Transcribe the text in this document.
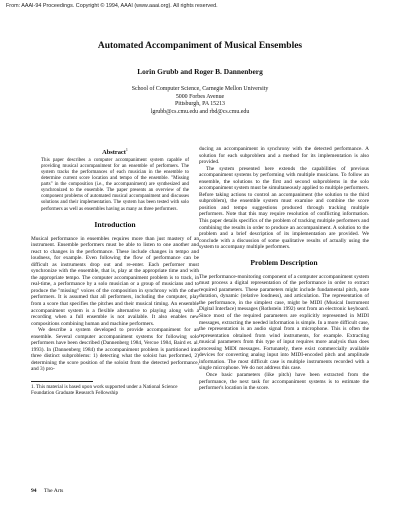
From: AAAI-94 Proceedings. Copyright © 1994, AAAI (www.aaai.org). All rights reserved.
Automated Accompaniment of Musical Ensembles
Lorin Grubb and Roger B. Dannenberg
School of Computer Science, Carnegie Mellon University
5000 Forbes Avenue
Pittsburgh, PA 15213
lgrubb@cs.cmu.edu and rbd@cs.cmu.edu
Abstract$^1$
This paper describes a computer accompaniment system capable of providing musical accompaniment for an ensemble of performers. The system tracks the performances of each musician in the ensemble to determine current score location and tempo of the ensemble. "Missing parts" in the composition (i.e., the accompaniment) are synthesized and synchronized to the ensemble. The paper presents an overview of the component problems of automated musical accompaniment and discusses solutions and their implementation. The system has been tested with solo performers as well as ensembles having as many as three performers.
Introduction

Musical performance in ensembles requires more than just mastery of an instrument. Ensemble performers must be able to listen to one another and react to changes in the performance. These include changes in tempo and loudness, for example. Even following the flow of performance can be difficult as instruments drop out and re-enter. Each performer must synchronize with the ensemble, that is, play at the appropriate time and with the appropriate tempo. The computer accompaniment problem is to track, in real-time, a performance by a solo musician or a group of musicians and to produce the "missing" voices of the composition in synchrony with the other performers. It is assumed that all performers, including the computer, play from a score that specifies the pitches and their musical timing. An ensemble accompaniment system is a flexible alternative to playing along with a recording when a full ensemble is not available. It also enables new compositions combining human and machine performers.

We describe a system developed to provide accompaniment for an ensemble. Several computer accompaniment systems for following solo performers have been described (Dannenberg 1984, Vercoe 1984, Baird et. al. 1993). In (Dannenberg 1984) the accompaniment problem is partitioned into three distinct subproblems: 1) detecting what the soloist has performed, 2) determining the score position of the soloist from the detected performance, and 3) pro-

1. This material is based upon work supported under a National Science Foundation Graduate Research Fellowship

ducing an accompaniment in synchrony with the detected performance. A solution for each subproblem and a method for its implementation is also provided.

The system presented here extends the capabilities of previous accompaniment systems by performing with multiple musicians. To follow an ensemble, the solutions to the first and second subproblems in the solo accompaniment system must be simultaneously applied to multiple performers. Before taking actions to control an accompaniment (the solution to the third subproblem), the ensemble system must examine and combine the score position and tempo suggestions produced through tracking multiple performers. Note that this may require resolution of conflicting information. This paper details specifics of the problem of tracking multiple performers and combining the results in order to produce an accompaniment. A solution to the problem and a brief description of its implementation are provided. We conclude with a discussion of some qualitative results of actually using the system to accompany multiple performers.

Problem Description

The performance-monitoring component of a computer accompaniment system must process a digital representation of the performance in order to extract required parameters. These parameters might include fundamental pitch, note duration, dynamic (relative loudness), and articulation. The representation of the performance, in the simplest case, might be MIDI (Musical Instrument Digital Interface) messages (Rothstein 1992) sent from an electronic keyboard. Since most of the required parameters are explicitly represented in MIDI messages, extracting the needed information is simple. In a more difficult case, the representation is an audio signal from a microphone. This is often the representation obtained from wind instruments, for example. Extracting musical parameters from this type of input requires more analysis than does processing MIDI messages. Fortunately, there exist commercially available devices for converting analog input into MIDI-encoded pitch and amplitude information. The most difficult case is multiple instruments recorded with a single microphone. We do not address this case.

Once basic parameters (like pitch) have been extracted from the performance, the next task for accompaniment systems is to estimate the performer's location in the score.

94 The Arts
